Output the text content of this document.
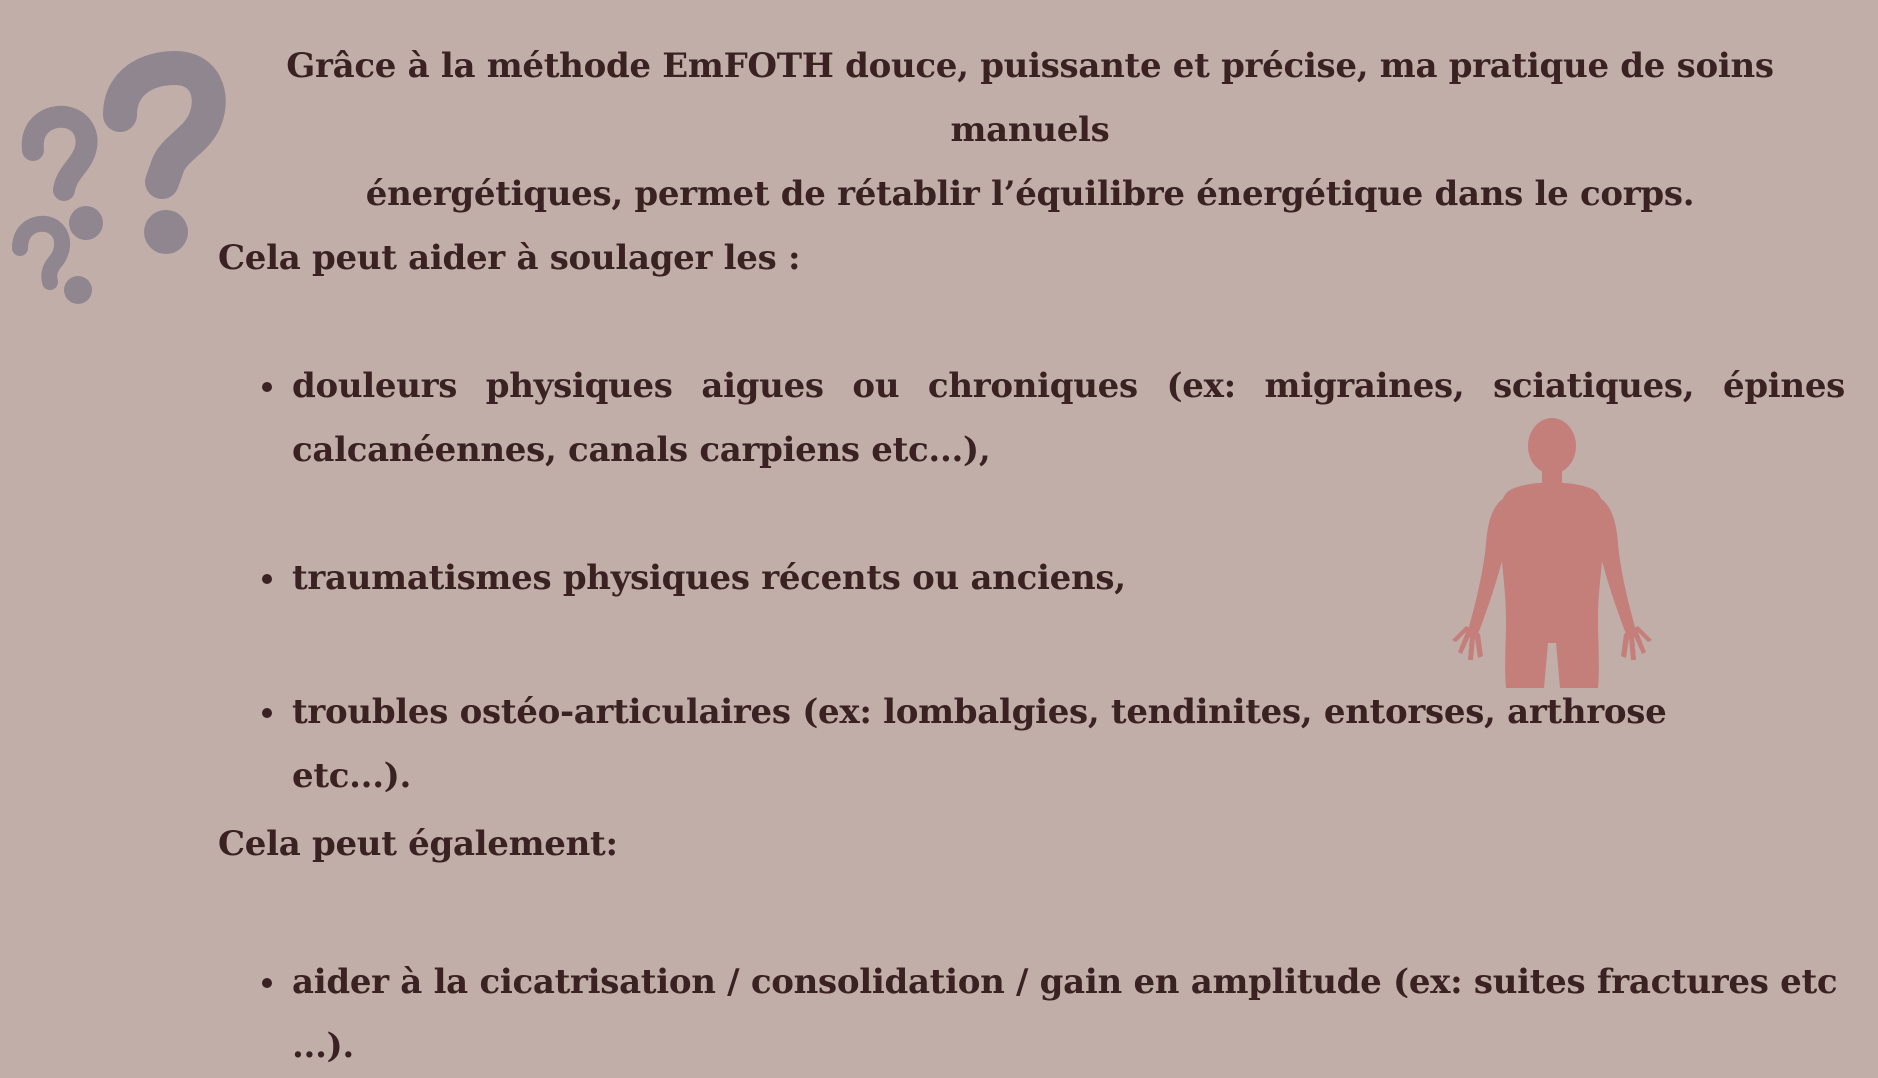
Grâce à la méthode EmFOTH douce, puissante et précise, ma pratique de soins manuels
énergétiques, permet de rétablir l’équilibre énergétique dans le corps.
Cela peut aider à soulager les :
douleurs physiques aigues ou chroniques (ex: migraines, sciatiques, épines calcanéennes, canals carpiens etc...),
traumatismes physiques récents ou anciens,
troubles ostéo-articulaires (ex: lombalgies, tendinites, entorses, arthrose etc...).
Cela peut également:
aider à la cicatrisation / consolidation / gain en amplitude (ex: suites fractures etc ...).
